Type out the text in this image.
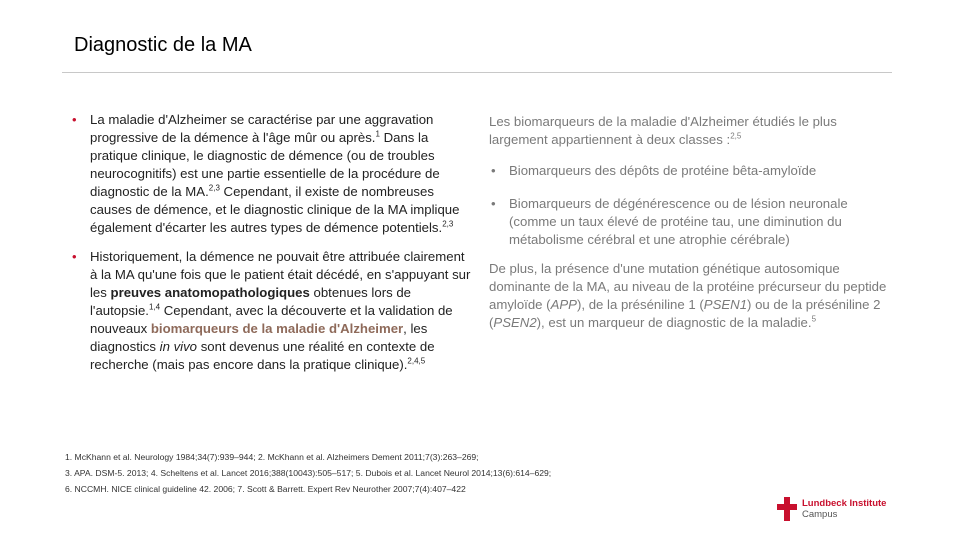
Diagnostic de la MA
• La maladie d'Alzheimer se caractérise par une aggravation progressive de la démence à l'âge mûr ou après.$^1$ Dans la pratique clinique, le diagnostic de démence (ou de troubles neurocognitifs) est une partie essentielle de la procédure de diagnostic de la MA.$^{2,3}$ Cependant, il existe de nombreuses causes de démence, et le diagnostic clinique de la MA implique également d'écarter les autres types de démence potentiels.$^{2,3}$
• Historiquement, la démence ne pouvait être attribuée clairement à la MA qu'une fois que le patient était décédé, en s'appuyant sur les preuves anatomopathologiques obtenues lors de l'autopsie.$^{1,4}$ Cependant, avec la découverte et la validation de nouveaux biomarqueurs de la maladie d'Alzheimer, les diagnostics in vivo sont devenus une réalité en contexte de recherche (mais pas encore dans la pratique clinique).$^{2,4,5}$

Les biomarqueurs de la maladie d'Alzheimer étudiés le plus largement appartiennent à deux classes :$^{2,5}$

• Biomarqueurs des dépôts de protéine bêta-amyloïde
• Biomarqueurs de dégénérescence ou de lésion neuronale (comme un taux élevé de protéine tau, une diminution du métabolisme cérébral et une atrophie cérébrale)

De plus, la présence d'une mutation génétique autosomique dominante de la MA, au niveau de la protéine précurseur du peptide amyloïde (APP), de la préséniline 1 (PSEN1) ou de la préséniline 2 (PSEN2), est un marqueur de diagnostic de la maladie.$^5$

1. McKhann et al. Neurology 1984;34(7):939–944; 2. McKhann et al. Alzheimers Dement 2011;7(3):263–269;
3. APA. DSM-5. 2013; 4. Scheltens et al. Lancet 2016;388(10043):505–517; 5. Dubois et al. Lancet Neurol 2014;13(6):614–629;
6. NCCMH. NICE clinical guideline 42. 2006; 7. Scott & Barrett. Expert Rev Neurother 2007;7(4):407–422
Lundbeck Institute
Campus
